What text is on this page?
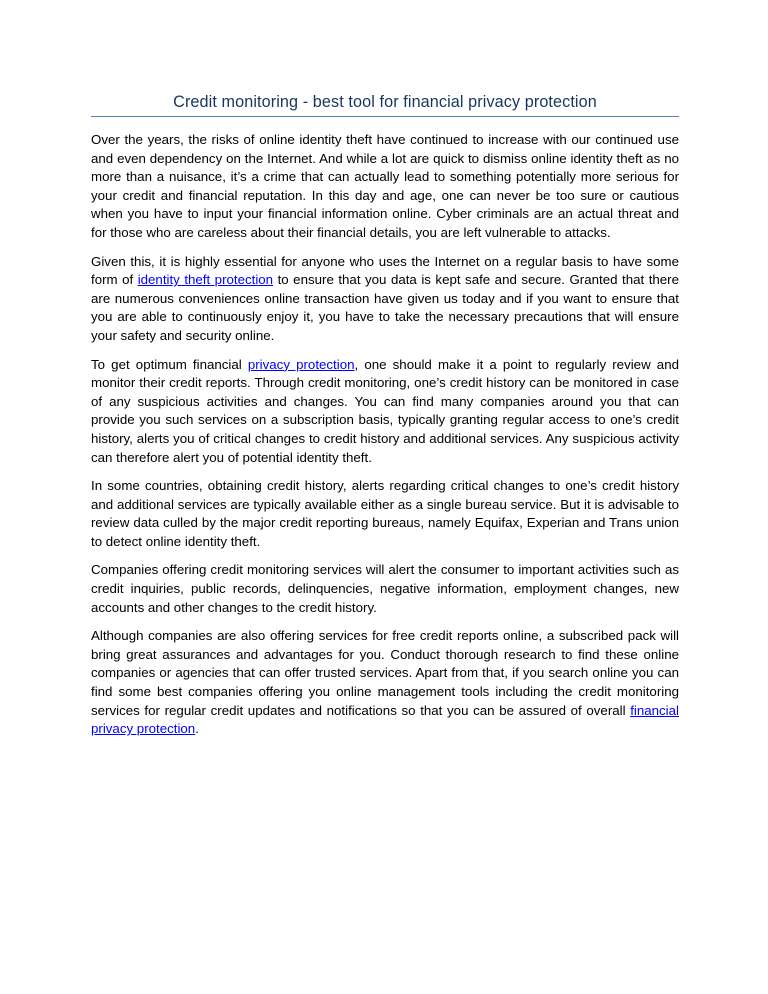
Credit monitoring - best tool for financial privacy protection

Over the years, the risks of online identity theft have continued to increase with our continued use and even dependency on the Internet. And while a lot are quick to dismiss online identity theft as no more than a nuisance, it’s a crime that can actually lead to something potentially more serious for your credit and financial reputation. In this day and age, one can never be too sure or cautious when you have to input your financial information online. Cyber criminals are an actual threat and for those who are careless about their financial details, you are left vulnerable to attacks.

Given this, it is highly essential for anyone who uses the Internet on a regular basis to have some form of identity theft protection to ensure that you data is kept safe and secure. Granted that there are numerous conveniences online transaction have given us today and if you want to ensure that you are able to continuously enjoy it, you have to take the necessary precautions that will ensure your safety and security online.

To get optimum financial privacy protection, one should make it a point to regularly review and monitor their credit reports. Through credit monitoring, one’s credit history can be monitored in case of any suspicious activities and changes. You can find many companies around you that can provide you such services on a subscription basis, typically granting regular access to one’s credit history, alerts you of critical changes to credit history and additional services. Any suspicious activity can therefore alert you of potential identity theft.

In some countries, obtaining credit history, alerts regarding critical changes to one’s credit history and additional services are typically available either as a single bureau service. But it is advisable to review data culled by the major credit reporting bureaus, namely Equifax, Experian and Trans union to detect online identity theft.

Companies offering credit monitoring services will alert the consumer to important activities such as credit inquiries, public records, delinquencies, negative information, employment changes, new accounts and other changes to the credit history.

Although companies are also offering services for free credit reports online, a subscribed pack will bring great assurances and advantages for you. Conduct thorough research to find these online companies or agencies that can offer trusted services. Apart from that, if you search online you can find some best companies offering you online management tools including the credit monitoring services for regular credit updates and notifications so that you can be assured of overall financial privacy protection.
